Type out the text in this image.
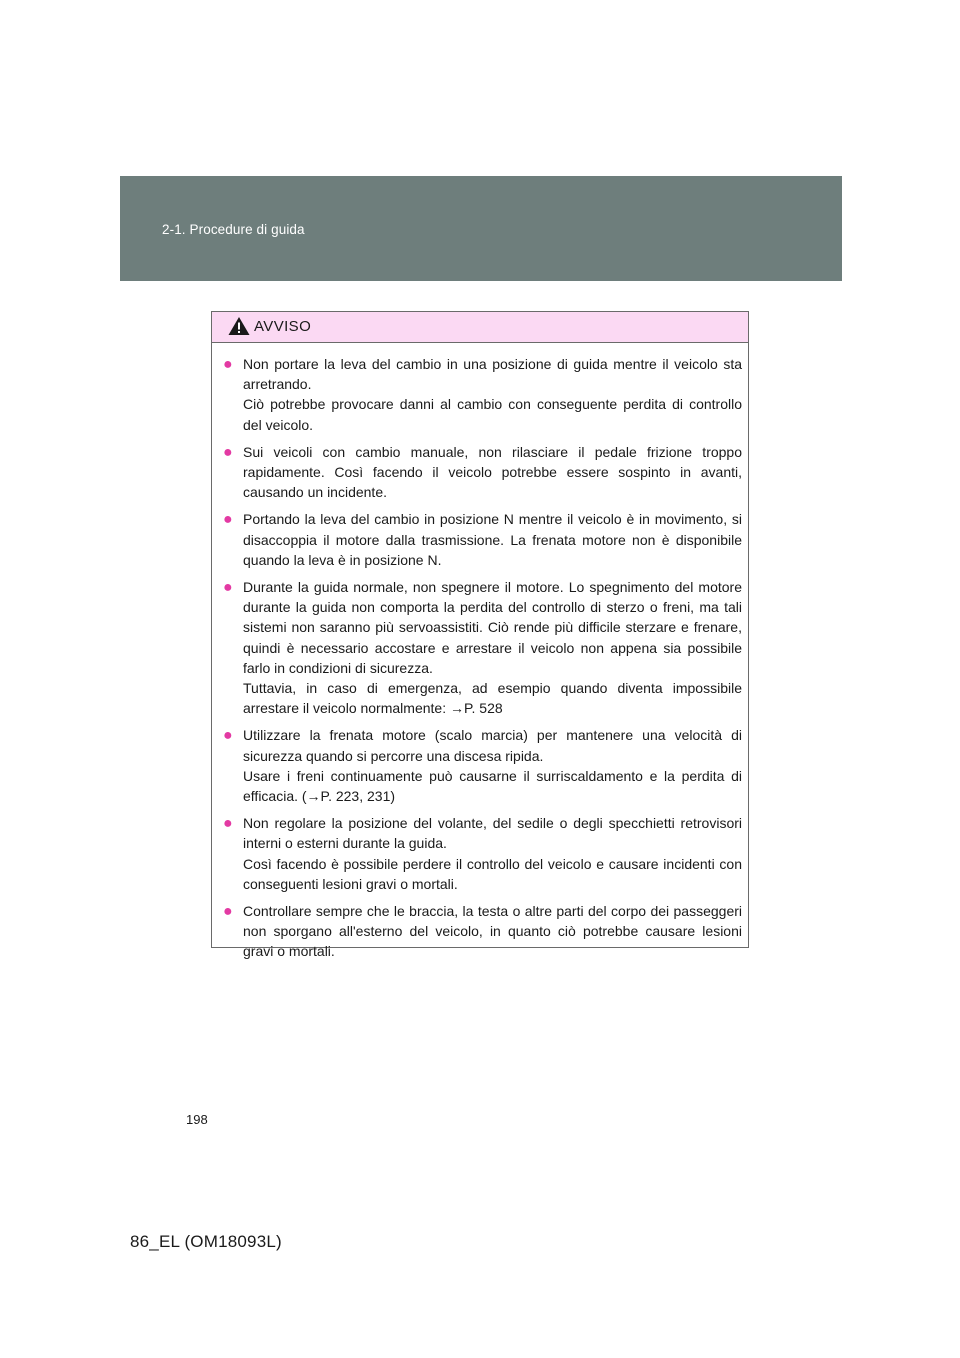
2-1. Procedure di guida
AVVISO
● Non portare la leva del cambio in una posizione di guida mentre il veicolo sta arretrando.
Ciò potrebbe provocare danni al cambio con conseguente perdita di controllo del veicolo.
● Sui veicoli con cambio manuale, non rilasciare il pedale frizione troppo rapidamente. Così facendo il veicolo potrebbe essere sospinto in avanti, causando un incidente.
● Portando la leva del cambio in posizione N mentre il veicolo è in movimento, si disaccoppia il motore dalla trasmissione. La frenata motore non è disponibile quando la leva è in posizione N.
● Durante la guida normale, non spegnere il motore. Lo spegnimento del motore durante la guida non comporta la perdita del controllo di sterzo o freni, ma tali sistemi non saranno più servoassistiti. Ciò rende più difficile sterzare e frenare, quindi è necessario accostare e arrestare il veicolo non appena sia possibile farlo in condizioni di sicurezza.
Tuttavia, in caso di emergenza, ad esempio quando diventa impossibile arrestare il veicolo normalmente: →P. 528
● Utilizzare la frenata motore (scalo marcia) per mantenere una velocità di sicurezza quando si percorre una discesa ripida.
Usare i freni continuamente può causarne il surriscaldamento e la perdita di efficacia. (→P. 223, 231)
● Non regolare la posizione del volante, del sedile o degli specchietti retrovisori interni o esterni durante la guida.
Così facendo è possibile perdere il controllo del veicolo e causare incidenti con conseguenti lesioni gravi o mortali.
● Controllare sempre che le braccia, la testa o altre parti del corpo dei passeggeri non sporgano all'esterno del veicolo, in quanto ciò potrebbe causare lesioni gravi o mortali.
198
86_EL (OM18093L)
